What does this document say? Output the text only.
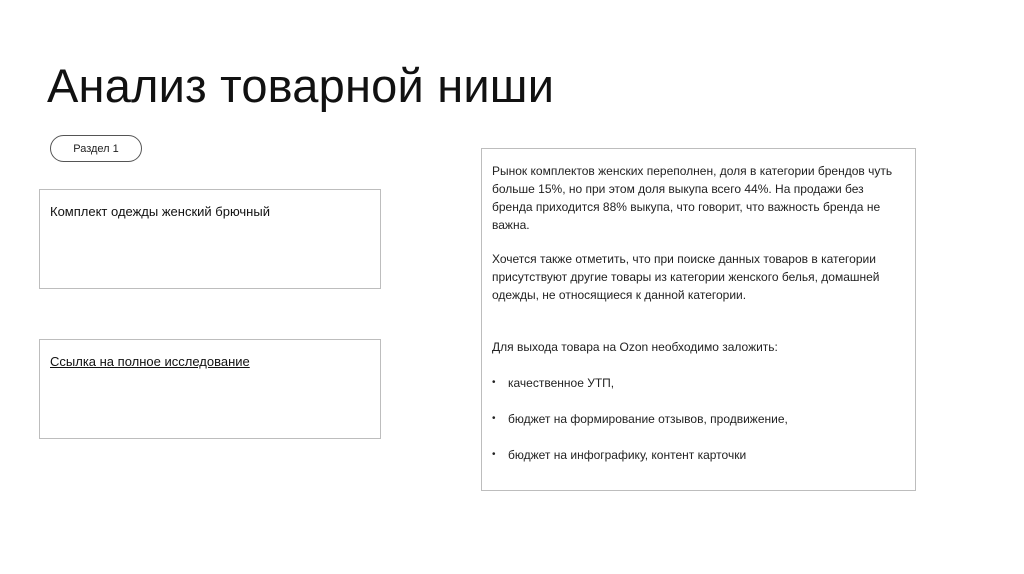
Анализ товарной ниши
Раздел 1
Комплект одежды женский брючный
Ссылка на полное исследование

Рынок комплектов женских переполнен, доля в категории брендов чуть больше 15%, но при этом доля выкупа всего 44%. На продажи без бренда приходится 88% выкупа, что говорит, что важность бренда не важна.

Хочется также отметить, что при поиске данных товаров в категории присутствуют другие товары из категории женского белья, домашней одежды, не относящиеся к данной категории.

Для выхода товара на Ozon необходимо заложить:

• качественное УТП,
• бюджет на формирование отзывов, продвижение,
• бюджет на инфографику, контент карточки
